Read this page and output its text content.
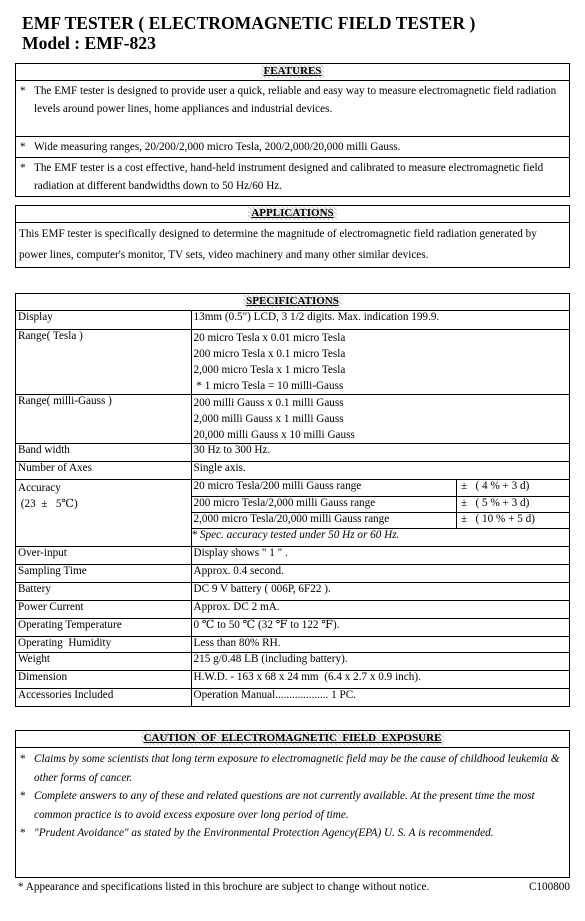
EMF TESTER ( ELECTROMAGNETIC FIELD TESTER )
Model : EMF-823
FEATURES
* The EMF tester is designed to provide user a quick, reliable and easy way to measure electromagnetic field radiation levels around power lines, home appliances and industrial devices.
* Wide measuring ranges, 20/200/2,000 micro Tesla, 200/2,000/20,000 milli Gauss.
* The EMF tester is a cost effective, hand-held instrument designed and calibrated to measure electromagnetic field radiation at different bandwidths down to 50 Hz/60 Hz.
APPLICATIONS
This EMF tester is specifically designed to determine the magnitude of electromagnetic field radiation generated by power lines, computer's monitor, TV sets, video machinery and many other similar devices.
SPECIFICATIONS
Display	13mm (0.5") LCD, 3 1/2 digits. Max. indication 199.9.
Range( Tesla )	20 micro Tesla x 0.01 micro Tesla
200 micro Tesla x 0.1 micro Tesla
2,000 micro Tesla x 1 micro Tesla
* 1 micro Tesla = 10 milli-Gauss

Range( milli-Gauss )	200 milli Gauss x 0.1 milli Gauss
2,000 milli Gauss x 1 milli Gauss
20,000 milli Gauss x 10 milli Gauss

Band width	30 Hz to 300 Hz.
Number of Axes	Single axis.

Accuracy
(23  ±   5℃)

20 micro Tesla/200 milli Gauss range	±   ( 4 % + 3 d)
200 micro Tesla/2,000 milli Gauss range	±   ( 5 % + 3 d)
2,000 micro Tesla/20,000 milli Gauss range	±   ( 10 % + 5 d)
* Spec. accuracy tested under 50 Hz or 60 Hz.

Over-input	Display shows " 1 " .
Sampling Time	Approx. 0.4 second.
Battery	DC 9 V battery ( 006P, 6F22 ).
Power Current	Approx. DC 2 mA.
Operating Temperature	0 ℃ to 50 ℃ (32 ℉ to 122 ℉).
Operating  Humidity	Less than 80% RH.
Weight	215 g/0.48 LB (including battery).
Dimension	H.W.D. - 163 x 68 x 24 mm  (6.4 x 2.7 x 0.9 inch).
Accessories Included	Operation Manual................... 1 PC.
CAUTION  OF  ELECTROMAGNETIC  FIELD  EXPOSURE
* Claims by some scientists that long term exposure to electromagnetic field may be the cause of childhood leukemia & other forms of cancer.
* Complete answers to any of these and related questions are not currently available. At the present time the most common practice is to avoid excess exposure over long period of time.
* "Prudent Avoidance" as stated by the Environmental Protection Agency(EPA) U. S. A is recommended.
* Appearance and specifications listed in this brochure are subject to change without notice.	C100800
